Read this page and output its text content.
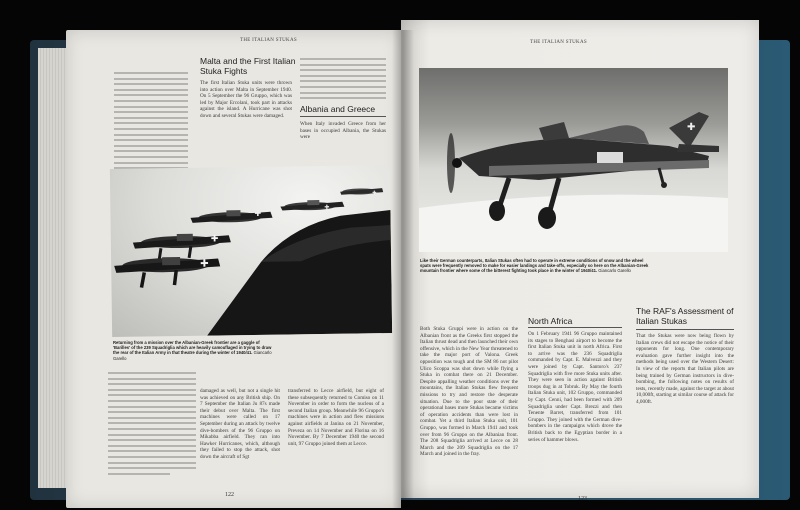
THE ITALIAN STUKAS
Malta and the First Italian Stuka Fights
The first Italian Stuka units were thrown into action over Malta in September 1940. On 5 September the 96 Gruppo, which was led by Major Ercolani, took part in attacks against the island. A Hurricane was shot down and several Stukas were damaged.
Albania and Greece
When Italy invaded Greece from her bases in occupied Albania, the Stukas were
✚
✚
✚
✚
✚
Returning from a mission over the Albanian-Greek frontier are a gaggle of 'Barilles' of the 239 Squadriglia which are heavily camouflaged in trying to draw the rear of the Italian Army in that theatre during the winter of 1940/41. Giancarlo Garello
damaged as well, but not a single hit was achieved on any British ship. On 7 September the Italian Ju 87s made their debut over Malta. The first machines were called on 17 September during an attack by twelve dive-bombers of the 96 Gruppo on Mikabba airfield. They ran into Hawker Hurricanes, which, although they failed to stop the attack, shot down the aircraft of Sgt
transferred to Lecce airfield, but eight of these subsequently returned to Comiso on 11 November in order to form the nucleus of a second Italian group. Meanwhile 96 Gruppo's machines were in action and flew missions against airfields at Janina on 21 November, Preveza on 14 November and Florina on 16 November. By 7 December 1940 the second unit, 97 Gruppo joined them at Lecce.
122
THE ITALIAN STUKAS
✚
Like their German counterparts, Italian Stukas often had to operate in extreme conditions of snow and the wheel spats were frequently removed to make for easier landings and take-offs, especially so here on the Albanian-Greek mountain frontier where some of the bitterest fighting took place in the winter of 1940/41. Giancarlo Garello
Both Stuka Gruppi were in action on the Albanian front as the Greeks first stopped the Italian thrust dead and then launched their own offensive, which in the New Year threatened to take the major port of Valona. Greek opposition was tough and the SM 86 not pilot Ulico Scoppa was shot down while flying a Stuka in combat there on 21 December. Despite appalling weather conditions over the mountains, the Italian Stukas flew frequent missions to try and restore the desperate situation. Due to the poor state of their operational bases more Stukas became victims of operation accidents than were lost in combat. Yet a third Italian Stuka unit, 101 Gruppo, was formed in March 1941 and took over from 96 Gruppo on the Albanian front. The 208 Squadriglia arrived at Lecce on 28 March and the 209 Squadriglia on the 17 March and joined in the fray.
North Africa
On 1 February 1941 96 Gruppo maintained its stages to Benghasi airport to become the first Italian Stuka unit in north Africa. First to arrive was the 236 Squadriglia commanded by Capt. E. Malvezzi and they were joined by Capt. Santoro's 237 Squadriglia with five more Stuka units after. They were seen in action against British troops dug in at Tobruk. By May the fourth Italian Stuka unit, 102 Gruppo, commanded by Capt. Cenni, had been formed with 209 Squadriglia under Capt. Brezzi and then Tenente Barret, transferred from 101 Gruppo. They joined with the German dive-bombers in the campaigns which drove the British back to the Egyptian border in a series of hammer blows.
The RAF's Assessment of Italian Stukas
That the Stukas were now being flown by Italian crews did not escape the notice of their opponents for long. One contemporary evaluation gave further insight into the methods being used over the Western Desert: In view of the reports that Italian pilots are being trained by German instructors in dive-bombing, the following notes on results of tests, recently made, against the target at about 10,000ft, starting at similar course of attack for 4,000ft.
123
